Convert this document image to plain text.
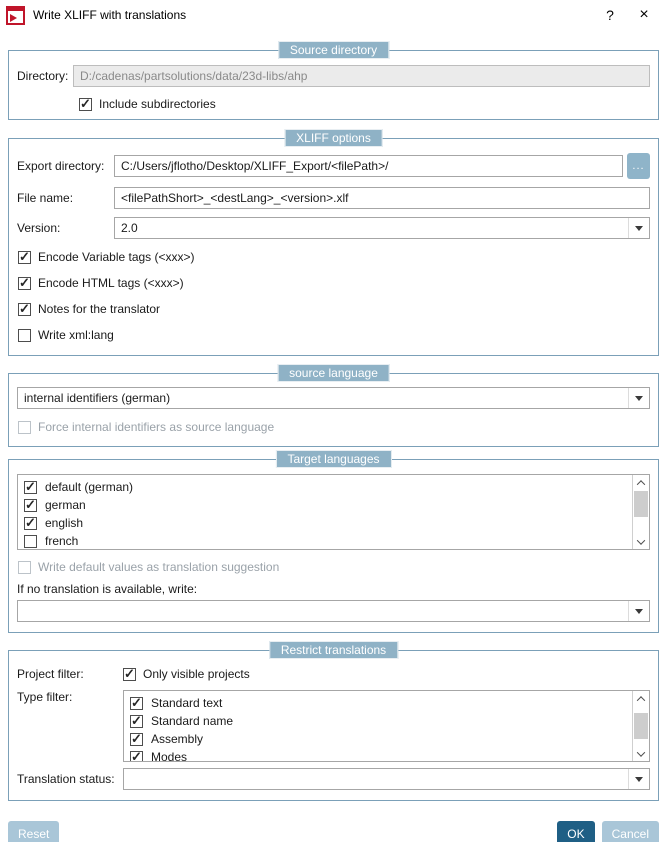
Write XLIFF with translations	?	×
Source directory
Directory: D:/cadenas/partsolutions/data/23d-libs/ahp
✓
Include subdirectories
XLIFF options
Export directory:	C:/Users/jflotho/Desktop/XLIFF_Export/<filePath>/	...
File name:	<filePathShort>_<destLang>_<version>.xlf
Version:	2.0
✓
Encode Variable tags (<xxx>)
✓
Encode HTML tags (<xxx>)
✓
Notes for the translator
Write xml:lang
source language
internal identifiers (german)
Force internal identifiers as source language
Target languages
✓
default (german)
✓
german
✓
english
french
Write default values as translation suggestion
If no translation is available, write:
Restrict translations
Project filter: ✓	Only visible projects
Type filter: ✓	Standard text
✓
Standard name
✓
Assembly
✓
Modes
Translation status:
Reset	OK	Cancel
